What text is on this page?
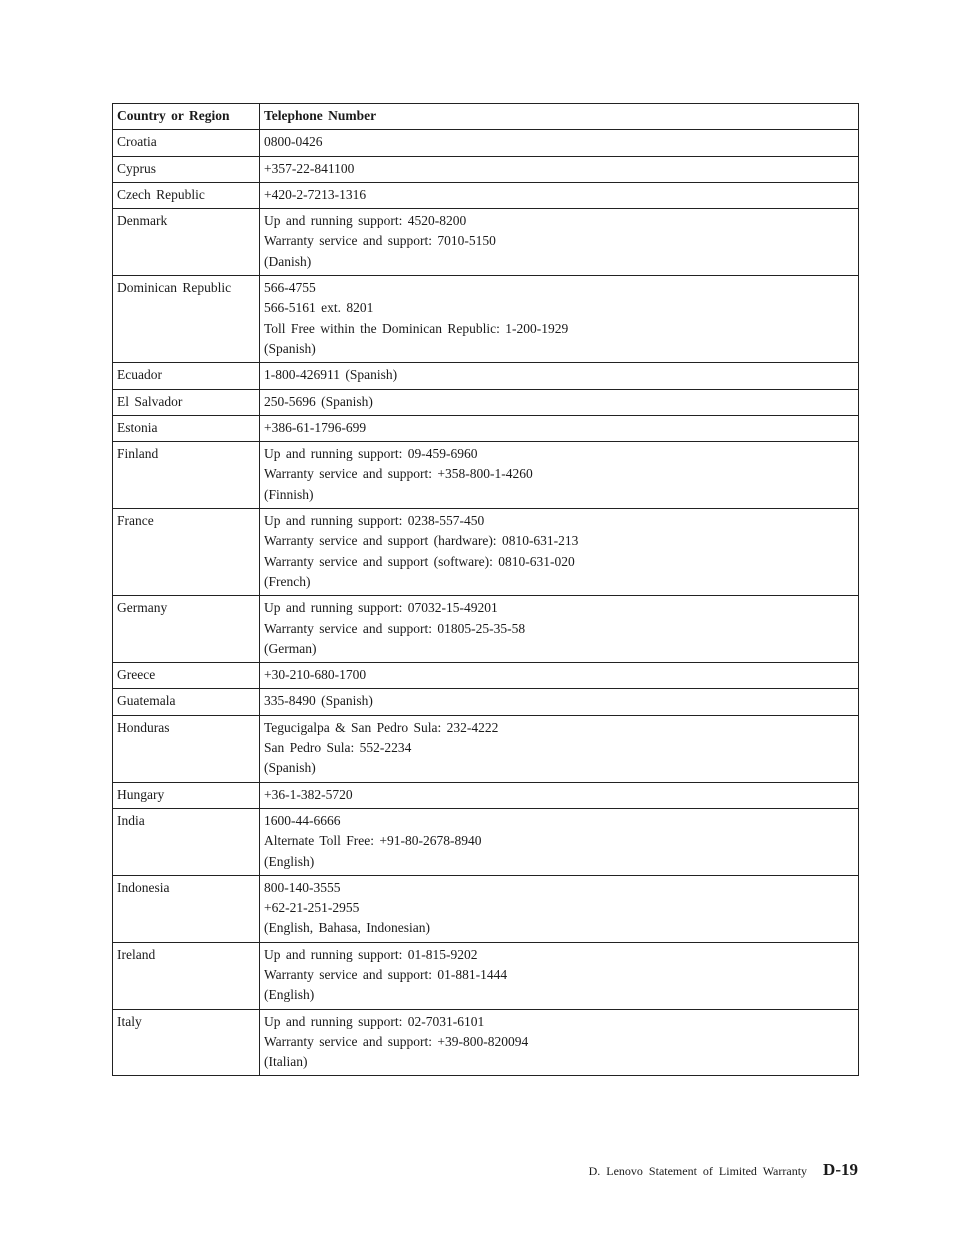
Country or Region	Telephone Number
Croatia	0800-0426

Cyprus	+357-22-841100

Czech Republic	+420-2-7213-1316

Denmark	Up and running support: 4520-8200
Warranty service and support: 7010-5150
(Danish)

Dominican Republic	566-4755
566-5161 ext. 8201
Toll Free within the Dominican Republic: 1-200-1929
(Spanish)

Ecuador	1-800-426911 (Spanish)

El Salvador	250-5696 (Spanish)

Estonia	+386-61-1796-699

Finland	Up and running support: 09-459-6960
Warranty service and support: +358-800-1-4260
(Finnish)

France	Up and running support: 0238-557-450
Warranty service and support (hardware): 0810-631-213
Warranty service and support (software): 0810-631-020
(French)

Germany	Up and running support: 07032-15-49201
Warranty service and support: 01805-25-35-58
(German)

Greece	+30-210-680-1700

Guatemala	335-8490 (Spanish)

Honduras	Tegucigalpa & San Pedro Sula: 232-4222
San Pedro Sula: 552-2234
(Spanish)

Hungary	+36-1-382-5720

India	1600-44-6666
Alternate Toll Free: +91-80-2678-8940
(English)

Indonesia	800-140-3555
+62-21-251-2955
(English, Bahasa, Indonesian)

Ireland	Up and running support: 01-815-9202
Warranty service and support: 01-881-1444
(English)

Italy	Up and running support: 02-7031-6101
Warranty service and support: +39-800-820094
(Italian)
D. Lenovo Statement of Limited Warranty D-19
